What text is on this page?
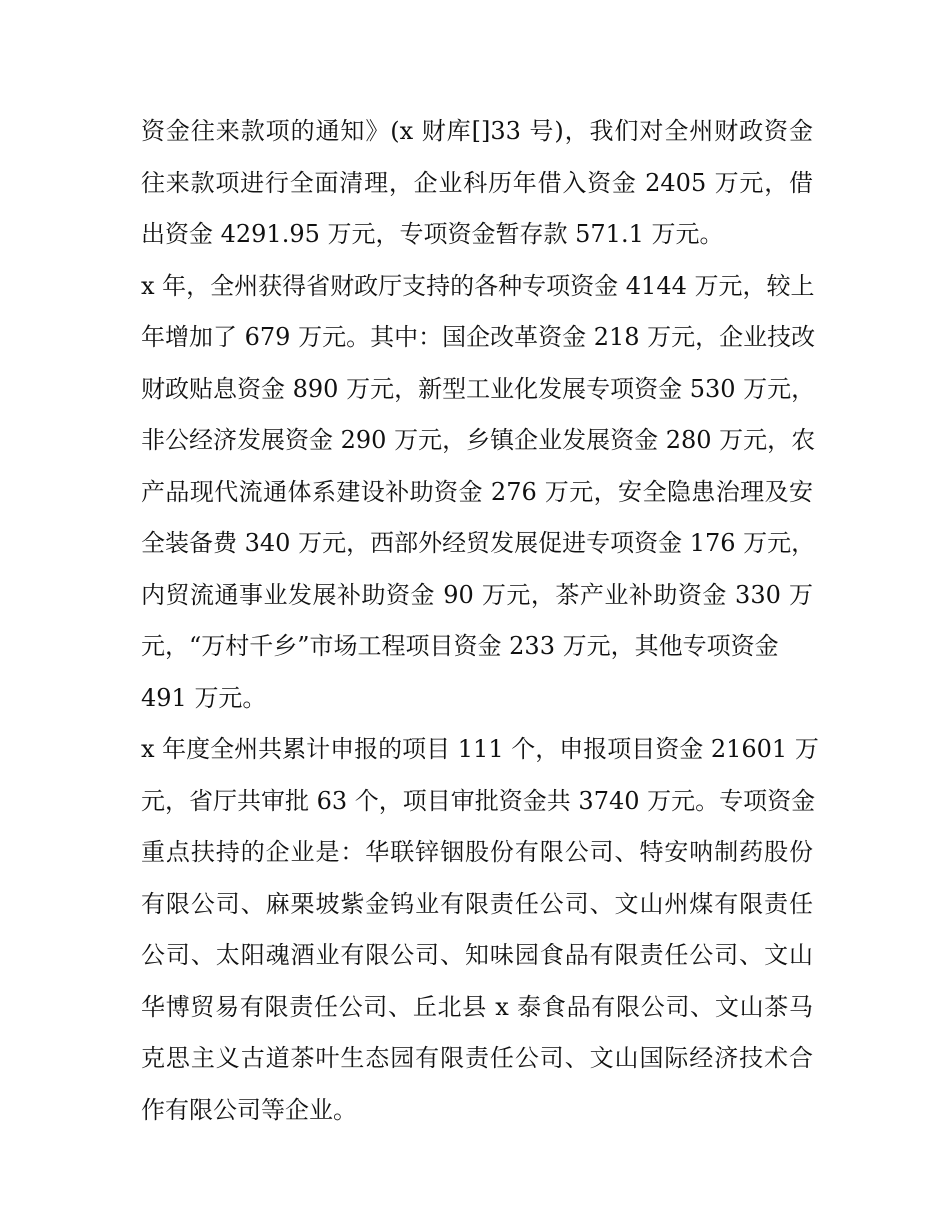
资金往来款项的通知》(x 财库[]33 号)，我们对全州财政资金
往来款项进行全面清理，企业科历年借入资金 2405 万元，借
出资金 4291.95 万元，专项资金暂存款 571.1 万元。
x 年，全州获得省财政厅支持的各种专项资金 4144 万元，较上
年增加了 679 万元。其中：国企改革资金 218 万元，企业技改
财政贴息资金 890 万元，新型工业化发展专项资金 530 万元，
非公经济发展资金 290 万元，乡镇企业发展资金 280 万元，农
产品现代流通体系建设补助资金 276 万元，安全隐患治理及安
全装备费 340 万元，西部外经贸发展促进专项资金 176 万元，
内贸流通事业发展补助资金 90 万元，茶产业补助资金 330 万
元，“万村千乡”市场工程项目资金 233 万元，其他专项资金
491 万元。
x 年度全州共累计申报的项目 111 个，申报项目资金 21601 万
元，省厅共审批 63 个，项目审批资金共 3740 万元。专项资金
重点扶持的企业是：华联锌铟股份有限公司、特安呐制药股份
有限公司、麻栗坡紫金钨业有限责任公司、文山州煤有限责任
公司、太阳魂酒业有限公司、知味园食品有限责任公司、文山
华博贸易有限责任公司、丘北县 x 泰食品有限公司、文山茶马
克思主义古道茶叶生态园有限责任公司、文山国际经济技术合
作有限公司等企业。
